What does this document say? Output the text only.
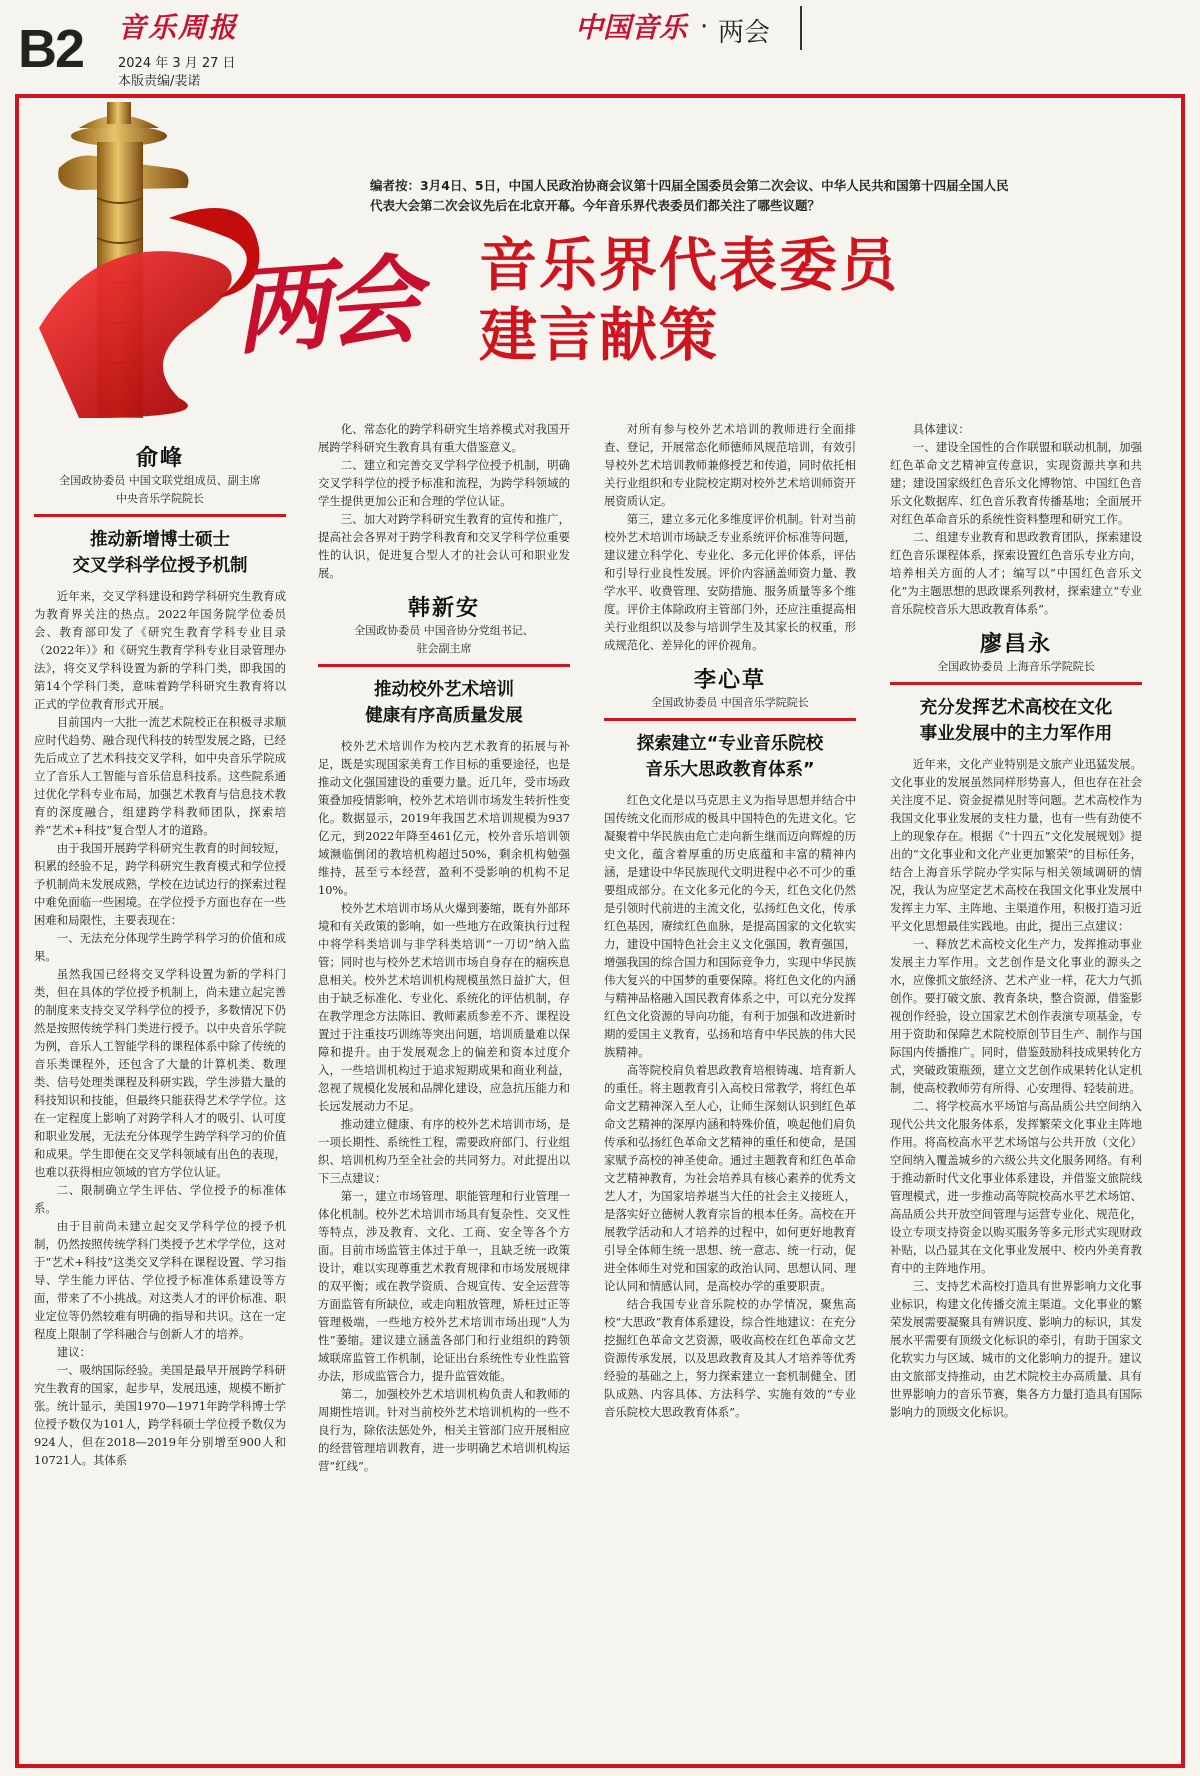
B2 音乐周报
2024 年 3 月 27 日
本版责编/裴诺
中国音乐 · 两会
编者按：3月4日、5日，中国人民政治协商会议第十四届全国委员会第二次会议、中华人民共和国第十四届全国人民代表大会第二次会议先后在北京开幕。今年音乐界代表委员们都关注了哪些议题？
两会 音乐界代表委员
建言献策
俞峰
全国政协委员 中国文联党组成员、副主席
中央音乐学院院长
推动新增博士硕士
交叉学科学位授予机制

近年来，交叉学科建设和跨学科研究生教育成为教育界关注的热点。2022年国务院学位委员会、教育部印发了《研究生教育学科专业目录（2022年）》和《研究生教育学科专业目录管理办法》，将交叉学科设置为新的学科门类，即我国的第14个学科门类，意味着跨学科研究生教育将以正式的学位教育形式开展。

目前国内一大批一流艺术院校正在积极寻求顺应时代趋势、融合现代科技的转型发展之路，已经先后成立了艺术科技交叉学科，如中央音乐学院成立了音乐人工智能与音乐信息科技系。这些院系通过优化学科专业布局，加强艺术教育与信息技术教育的深度融合，组建跨学科教师团队，探索培养“艺术+科技”复合型人才的道路。

由于我国开展跨学科研究生教育的时间较短，积累的经验不足，跨学科研究生教育模式和学位授予机制尚未发展成熟，学校在边试边行的探索过程中难免面临一些困境。在学位授予方面也存在一些困难和局限性，主要表现在：

一、无法充分体现学生跨学科学习的价值和成果。

虽然我国已经将交叉学科设置为新的学科门类，但在具体的学位授予机制上，尚未建立起完善的制度来支持交叉学科学位的授予，多数情况下仍然是按照传统学科门类进行授予。以中央音乐学院为例，音乐人工智能学科的课程体系中除了传统的音乐类课程外，还包含了大量的计算机类、数理类、信号处理类课程及科研实践，学生涉猎大量的科技知识和技能，但最终只能获得艺术学学位。这在一定程度上影响了对跨学科人才的吸引、认可度和职业发展，无法充分体现学生跨学科学习的价值和成果。学生即便在交叉学科领域有出色的表现，也难以获得相应领域的官方学位认证。

二、限制确立学生评估、学位授予的标准体系。

由于目前尚未建立起交叉学科学位的授予机制，仍然按照传统学科门类授予艺术学学位，这对于“艺术+科技”这类交叉学科在课程设置、学习指导、学生能力评估、学位授予标准体系建设等方面，带来了不小挑战。对这类人才的评价标准、职业定位等仍然较难有明确的指导和共识。这在一定程度上限制了学科融合与创新人才的培养。

建议：

一、吸纳国际经验。美国是最早开展跨学科研究生教育的国家，起步早，发展迅速，规模不断扩张。统计显示，美国1970—1971年跨学科博士学位授予数仅为101人，跨学科硕士学位授予数仅为924人，但在2018—2019年分别增至900人和10721人。其体系

化、常态化的跨学科研究生培养模式对我国开展跨学科研究生教育具有重大借鉴意义。

二、建立和完善交叉学科学位授予机制，明确交叉学科学位的授予标准和流程，为跨学科领域的学生提供更加公正和合理的学位认证。

三、加大对跨学科研究生教育的宣传和推广，提高社会各界对于跨学科教育和交叉学科学位重要性的认识，促进复合型人才的社会认可和职业发展。

韩新安
全国政协委员 中国音协分党组书记、
驻会副主席
推动校外艺术培训
健康有序高质量发展

校外艺术培训作为校内艺术教育的拓展与补足，既是实现国家美育工作目标的重要途径，也是推动文化强国建设的重要力量。近几年，受市场政策叠加疫情影响，校外艺术培训市场发生转折性变化。数据显示，2019年我国艺术培训规模为937亿元，到2022年降至461亿元，校外音乐培训领域濒临倒闭的教培机构超过50%，剩余机构勉强维持，甚至亏本经营，盈利不受影响的机构不足10%。

校外艺术培训市场从火爆到萎缩，既有外部环境和有关政策的影响，如一些地方在政策执行过程中将学科类培训与非学科类培训“一刀切”纳入监管；同时也与校外艺术培训市场自身存在的痼疾息息相关。校外艺术培训机构规模虽然日益扩大，但由于缺乏标准化、专业化、系统化的评估机制，存在教学理念方法陈旧、教师素质参差不齐、课程设置过于注重技巧训练等突出问题，培训质量难以保障和提升。由于发展观念上的偏差和资本过度介入，一些培训机构过于追求短期成果和商业利益，忽视了规模化发展和品牌化建设，应急抗压能力和长远发展动力不足。

推动建立健康、有序的校外艺术培训市场，是一项长期性、系统性工程，需要政府部门、行业组织、培训机构乃至全社会的共同努力。对此提出以下三点建议：

第一，建立市场管理、职能管理和行业管理一体化机制。校外艺术培训市场具有复杂性、交叉性等特点，涉及教育、文化、工商、安全等各个方面。目前市场监管主体过于单一，且缺乏统一政策设计，难以实现尊重艺术教育规律和市场发展规律的双平衡；或在教学资质、合规宣传、安全运营等方面监管有所缺位，或走向粗放管理，矫枉过正等管理极端，一些地方校外艺术培训市场出现“人为性”萎缩。建议建立涵盖各部门和行业组织的跨领域联席监管工作机制，论证出台系统性专业性监管办法，形成监管合力，提升监管效能。

第二，加强校外艺术培训机构负责人和教师的周期性培训。针对当前校外艺术培训机构的一些不良行为，除依法惩处外，相关主管部门应开展相应的经营管理培训教育，进一步明确艺术培训机构运营“红线”。

对所有参与校外艺术培训的教师进行全面排查、登记，开展常态化师德师风规范培训，有效引导校外艺术培训教师兼修授艺和传道，同时依托相关行业组织和专业院校定期对校外艺术培训师资开展资质认定。

第三，建立多元化多维度评价机制。针对当前校外艺术培训市场缺乏专业系统评价标准等问题，建议建立科学化、专业化、多元化评价体系，评估和引导行业良性发展。评价内容涵盖师资力量、教学水平、收费管理、安防措施、服务质量等多个维度。评价主体除政府主管部门外，还应注重提高相关行业组织以及参与培训学生及其家长的权重，形成规范化、差异化的评价视角。

李心草
全国政协委员 中国音乐学院院长
探索建立“专业音乐院校
音乐大思政教育体系”

红色文化是以马克思主义为指导思想并结合中国传统文化而形成的极具中国特色的先进文化。它凝聚着中华民族由危亡走向新生继而迈向辉煌的历史文化，蕴含着厚重的历史底蕴和丰富的精神内涵，是建设中华民族现代文明进程中必不可少的重要组成部分。在文化多元化的今天，红色文化仍然是引领时代前进的主流文化，弘扬红色文化，传承红色基因，赓续红色血脉，是提高国家的文化软实力，建设中国特色社会主义文化强国，教育强国，增强我国的综合国力和国际竞争力，实现中华民族伟大复兴的中国梦的重要保障。将红色文化的内涵与精神品格融入国民教育体系之中，可以充分发挥红色文化资源的导向功能，有利于加强和改进新时期的爱国主义教育，弘扬和培育中华民族的伟大民族精神。

高等院校肩负着思政教育培根铸魂、培育新人的重任。将主题教育引入高校日常教学，将红色革命文艺精神深入至人心，让师生深刻认识到红色革命文艺精神的深厚内涵和特殊价值，唤起他们肩负传承和弘扬红色革命文艺精神的重任和使命，是国家赋予高校的神圣使命。通过主题教育和红色革命文艺精神教育，为社会培养具有核心素养的优秀文艺人才，为国家培养堪当大任的社会主义接班人，是落实好立德树人教育宗旨的根本任务。高校在开展教学活动和人才培养的过程中，如何更好地教育引导全体师生统一思想、统一意志、统一行动，促进全体师生对党和国家的政治认同、思想认同、理论认同和情感认同，是高校办学的重要职责。

结合我国专业音乐院校的办学情况，聚焦高校“大思政”教育体系建设，综合性地建议：在充分挖掘红色革命文艺资源，吸收高校在红色革命文艺资源传承发展，以及思政教育及其人才培养等优秀经验的基础之上，努力探索建立一套机制健全、团队成熟、内容具体、方法科学、实施有效的“专业音乐院校大思政教育体系”。

具体建议：

一、建设全国性的合作联盟和联动机制，加强红色革命文艺精神宣传意识，实现资源共享和共建；建设国家级红色音乐文化博物馆、中国红色音乐文化数据库、红色音乐教育传播基地；全面展开对红色革命音乐的系统性资料整理和研究工作。

二、组建专业教育和思政教育团队，探索建设红色音乐课程体系，探索设置红色音乐专业方向，培养相关方面的人才；编写以“中国红色音乐文化”为主题思想的思政课系列教材，探索建立“专业音乐院校音乐大思政教育体系”。

廖昌永
全国政协委员 上海音乐学院院长
充分发挥艺术高校在文化
事业发展中的主力军作用

近年来，文化产业特别是文旅产业迅猛发展。文化事业的发展虽然同样形势喜人，但也存在社会关注度不足、资金捉襟见肘等问题。艺术高校作为我国文化事业发展的支柱力量，也有一些有劲使不上的现象存在。根据《“十四五”文化发展规划》提出的“文化事业和文化产业更加繁荣”的目标任务，结合上海音乐学院办学实际与相关领域调研的情况，我认为应坚定艺术高校在我国文化事业发展中发挥主力军、主阵地、主渠道作用，积极打造习近平文化思想最佳实践地。由此，提出三点建议：

一、释放艺术高校文化生产力，发挥推动事业发展主力军作用。文艺创作是文化事业的源头之水，应像抓文旅经济、艺术产业一样，花大力气抓创作。要打破文旅、教育条块，整合资源，借鉴影视创作经验，设立国家艺术创作表演专项基金，专用于资助和保障艺术院校原创节目生产、制作与国际国内传播推广。同时，借鉴鼓励科技成果转化方式，突破政策瓶颈，建立文艺创作成果转化认定机制，使高校教师劳有所得、心安理得、轻装前进。

二、将学校高水平场馆与高品质公共空间纳入现代公共文化服务体系，发挥繁荣文化事业主阵地作用。将高校高水平艺术场馆与公共开放（文化）空间纳入覆盖城乡的六级公共文化服务网络。有利于推动新时代文化事业体系建设，并借鉴文旅院线管理模式，进一步推动高等院校高水平艺术场馆、高品质公共开放空间管理与运营专业化、规范化，设立专项支持资金以购买服务等多元形式实现财政补贴，以凸显其在文化事业发展中、校内外美育教育中的主阵地作用。

三、支持艺术高校打造具有世界影响力文化事业标识，构建文化传播交流主渠道。文化事业的繁荣发展需要凝聚具有辨识度、影响力的标识，其发展水平需要有顶级文化标识的牵引，有助于国家文化软实力与区域、城市的文化影响力的提升。建议由文旅部支持推动，由艺术院校主办高质量、具有世界影响力的音乐节赛，集各方力量打造具有国际影响力的顶级文化标识。
